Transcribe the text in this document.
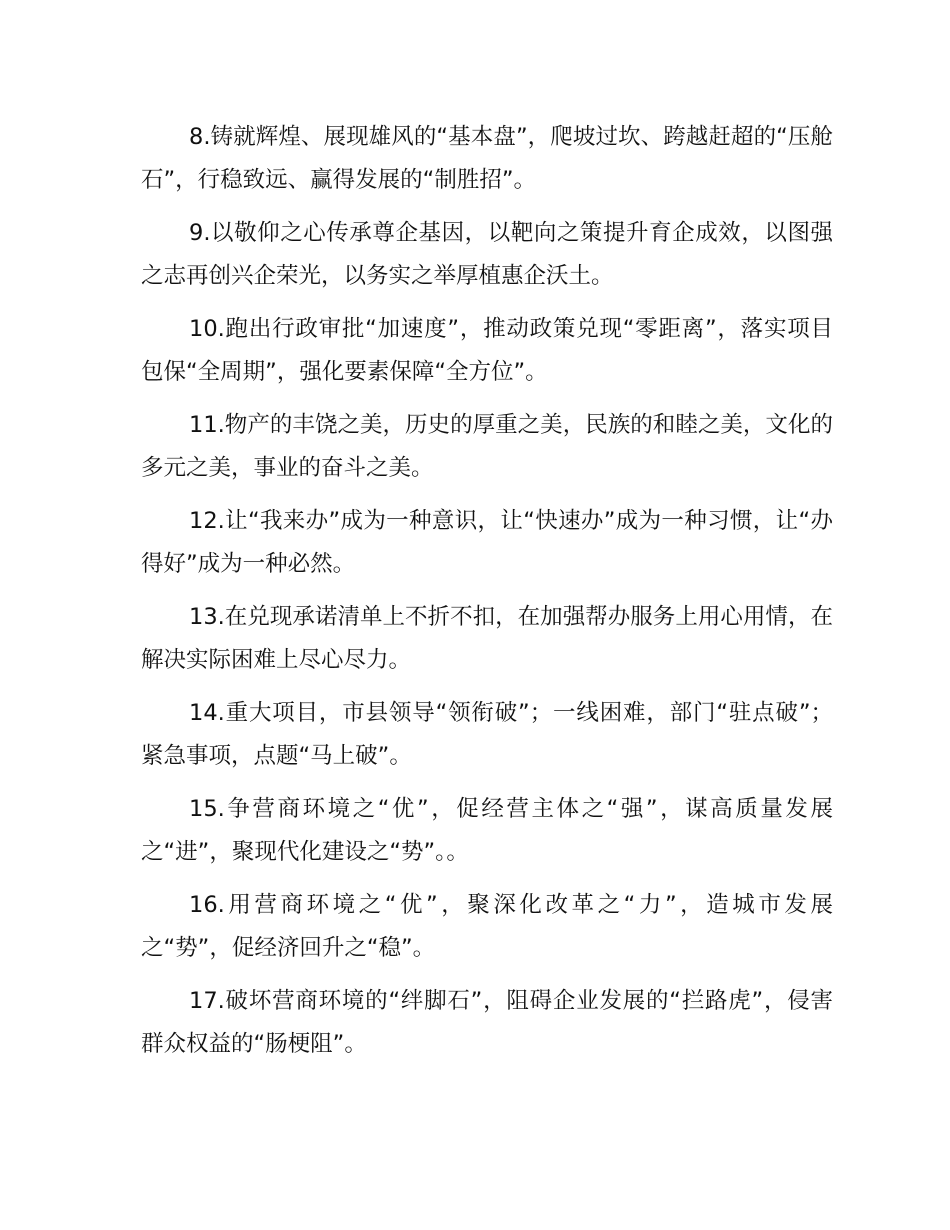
8.铸就辉煌、展现雄风的“基本盘”，爬坡过坎、跨越赶超的“压舱石”，行稳致远、赢得发展的“制胜招”。

9.以敬仰之心传承尊企基因，以靶向之策提升育企成效，以图强之志再创兴企荣光，以务实之举厚植惠企沃土。

10.跑出行政审批“加速度”，推动政策兑现“零距离”，落实项目包保“全周期”，强化要素保障“全方位”。

11.物产的丰饶之美，历史的厚重之美，民族的和睦之美，文化的多元之美，事业的奋斗之美。

12.让“我来办”成为一种意识，让“快速办”成为一种习惯，让“办得好”成为一种必然。

13.在兑现承诺清单上不折不扣，在加强帮办服务上用心用情，在解决实际困难上尽心尽力。

14.重大项目，市县领导“领衔破”；一线困难，部门“驻点破”；紧急事项，点题“马上破”。

15.争营商环境之“优”，促经营主体之“强”，谋高质量发展之“进”，聚现代化建设之“势”。。

16.用营商环境之“优”，聚深化改革之“力”，造城市发展之“势”，促经济回升之“稳”。

17.破坏营商环境的“绊脚石”，阻碍企业发展的“拦路虎”，侵害群众权益的“肠梗阻”。
